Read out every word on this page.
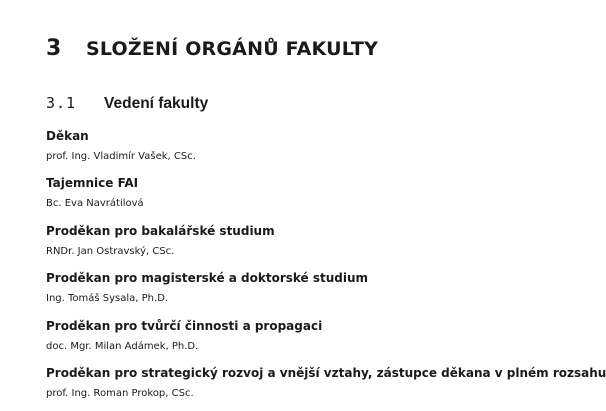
3	SLOŽENÍ ORGÁNŮ FAKULTY
3.1	Vedení fakulty
Děkan
prof. Ing. Vladimír Vašek, CSc.
Tajemnice FAI
Bc. Eva Navrátilová
Proděkan pro bakalářské studium
RNDr. Jan Ostravský, CSc.
Proděkan pro magisterské a doktorské studium
Ing. Tomáš Sysala, Ph.D.
Proděkan pro tvůrčí činnosti a propagaci
doc. Mgr. Milan Adámek, Ph.D.
Proděkan pro strategický rozvoj a vnější vztahy, zástupce děkana v plném rozsahu
prof. Ing. Roman Prokop, CSc.
